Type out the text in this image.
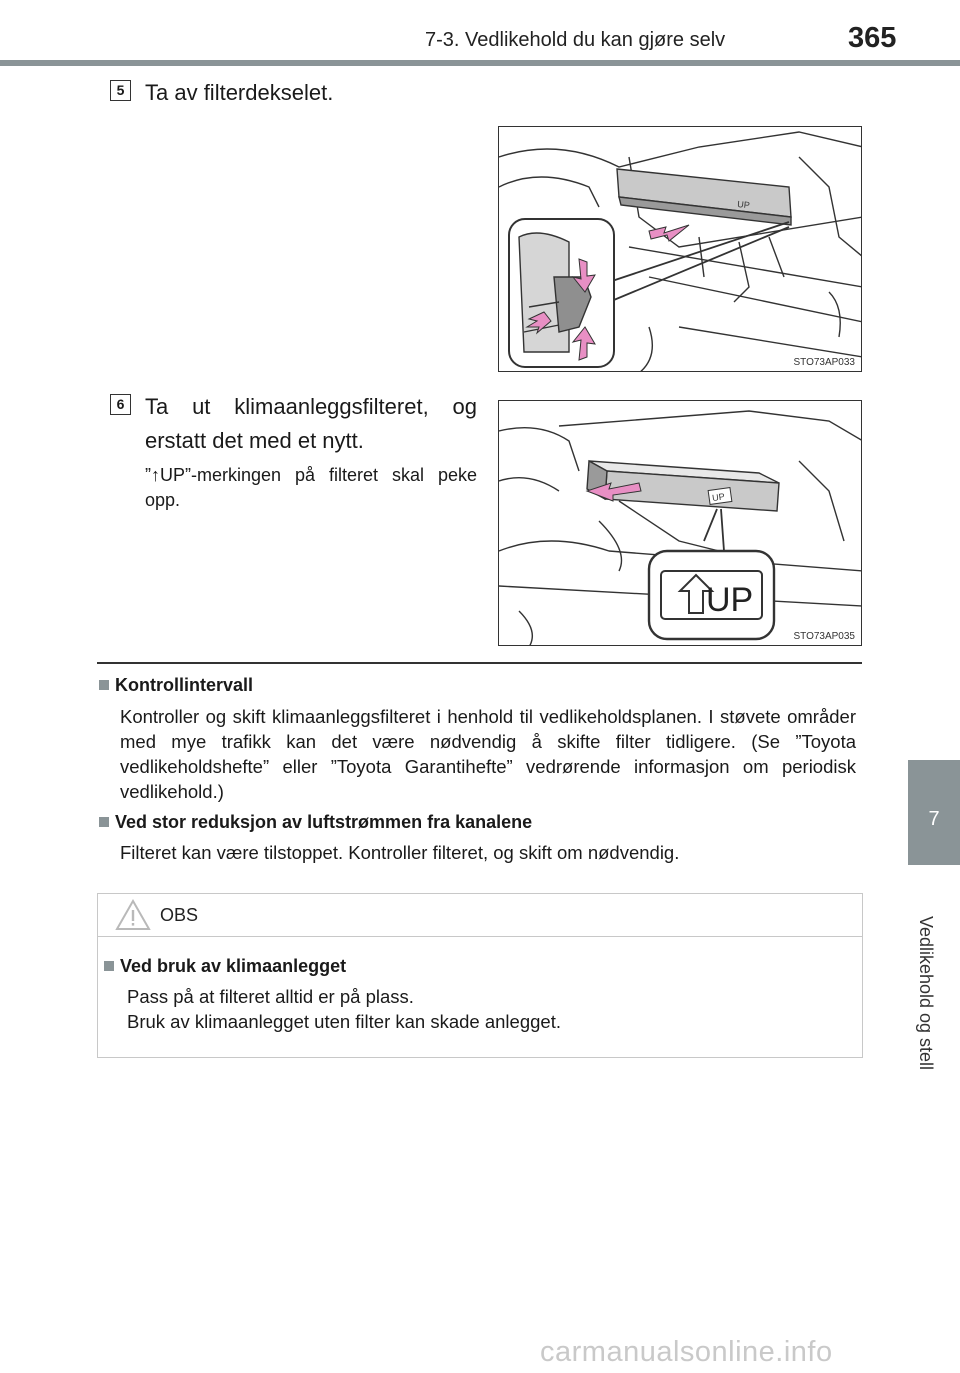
7-3. Vedlikehold du kan gjøre selv	365
7
Vedlikehold og stell
5 Ta av filterdekselet.
UP
STO73AP033
6 Ta ut klimaanleggsfilteret, og erstatt det med et nytt.
”↑UP”-merkingen på filteret skal peke opp.	UP
UP
STO73AP035
Kontrollintervall
Kontroller og skift klimaanleggsfilteret i henhold til vedlikeholdsplanen. I støvete områder med mye trafikk kan det være nødvendig å skifte filter tidligere. (Se ”Toyota vedlikeholdshefte” eller ”Toyota Garantihefte” vedrørende informasjon om periodisk vedlikehold.)
Ved stor reduksjon av luftstrømmen fra kanalene
Filteret kan være tilstoppet. Kontroller filteret, og skift om nødvendig.
OBS
Ved bruk av klimaanlegget
Pass på at filteret alltid er på plass.
Bruk av klimaanlegget uten filter kan skade anlegget.
carmanualsonline.info
